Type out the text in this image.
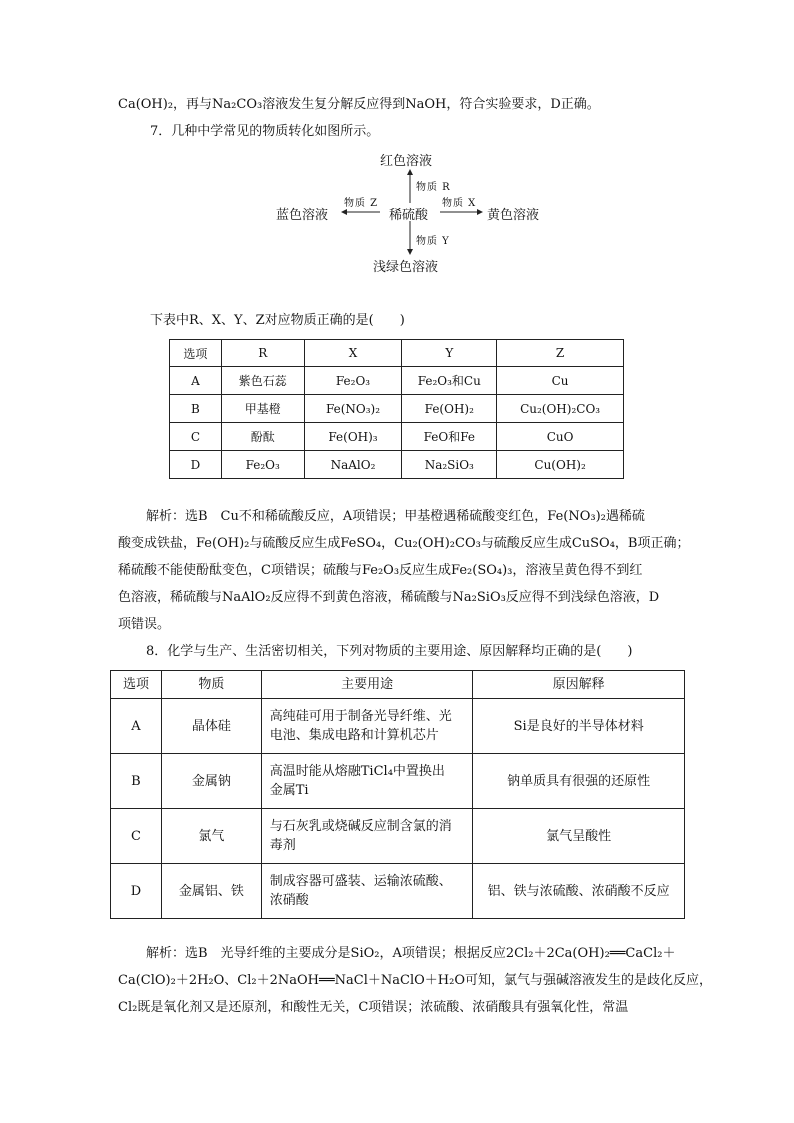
Ca(OH)₂，再与Na₂CO₃溶液发生复分解反应得到NaOH，符合实验要求，D正确。
7．几种中学常见的物质转化如图所示。
红色溶液
物质 R
蓝色溶液
物质 Z
稀硫酸
物质 X
黄色溶液
物质 Y
浅绿色溶液
下表中R、X、Y、Z对应物质正确的是(　　)
选项	R	X	Y	Z
A	紫色石蕊	Fe₂O₃	Fe₂O₃和Cu	Cu
B	甲基橙	Fe(NO₃)₂	Fe(OH)₂	Cu₂(OH)₂CO₃
C	酚酞	Fe(OH)₃	FeO和Fe	CuO
D	Fe₂O₃	NaAlO₂	Na₂SiO₃	Cu(OH)₂
解析：选B　Cu不和稀硫酸反应，A项错误；甲基橙遇稀硫酸变红色，Fe(NO₃)₂遇稀硫
酸变成铁盐，Fe(OH)₂与硫酸反应生成FeSO₄，Cu₂(OH)₂CO₃与硫酸反应生成CuSO₄，B项正确；
稀硫酸不能使酚酞变色，C项错误；硫酸与Fe₂O₃反应生成Fe₂(SO₄)₃，溶液呈黄色得不到红
色溶液，稀硫酸与NaAlO₂反应得不到黄色溶液，稀硫酸与Na₂SiO₃反应得不到浅绿色溶液，D
项错误。
8．化学与生产、生活密切相关，下列对物质的主要用途、原因解释均正确的是(　　)
选项	物质	主要用途	原因解释
A	晶体硅	高纯硅可用于制备光导纤维、光
电池、集成电路和计算机芯片	Si是良好的半导体材料
B	金属钠	高温时能从熔融TiCl₄中置换出
金属Ti	钠单质具有很强的还原性
C	氯气	与石灰乳或烧碱反应制含氯的消
毒剂	氯气呈酸性
D	金属铝、铁	制成容器可盛装、运输浓硫酸、
浓硝酸	铝、铁与浓硫酸、浓硝酸不反应
解析：选B　光导纤维的主要成分是SiO₂，A项错误；根据反应2Cl₂＋2Ca(OH)₂══CaCl₂＋
Ca(ClO)₂＋2H₂O、Cl₂＋2NaOH══NaCl＋NaClO＋H₂O可知，氯气与强碱溶液发生的是歧化反应，
Cl₂既是氧化剂又是还原剂，和酸性无关，C项错误；浓硫酸、浓硝酸具有强氧化性，常温
